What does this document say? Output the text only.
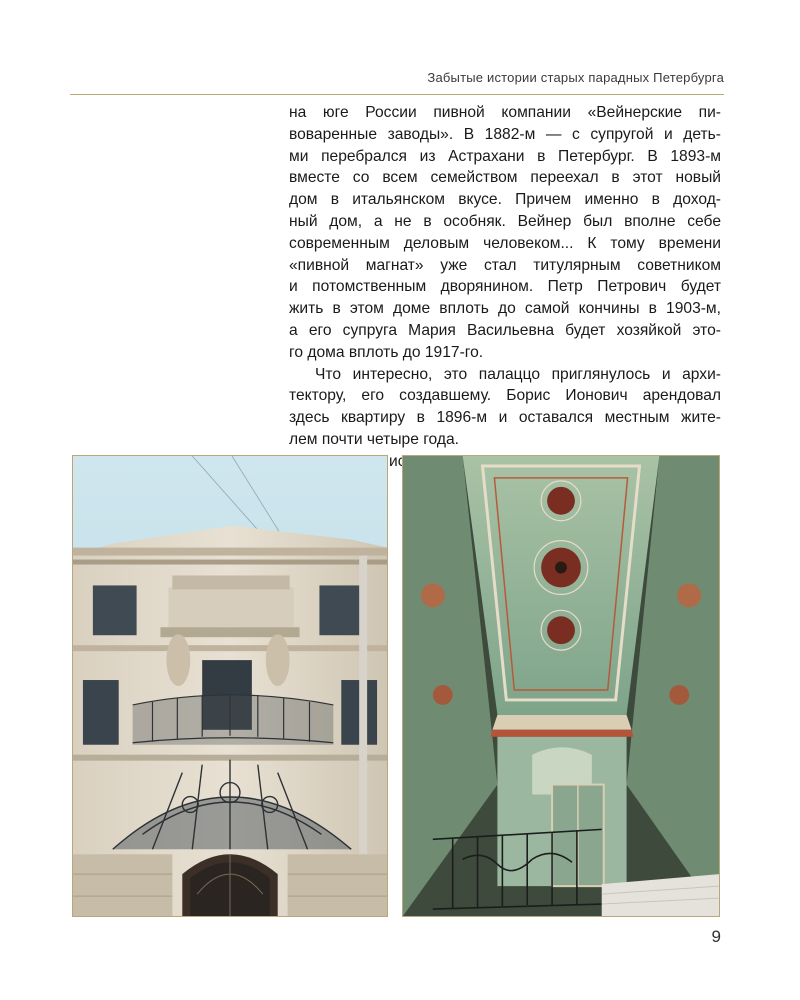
Забытые истории старых парадных Петербурга
на юге России пивной компании «Вейнерские пи-
воваренные заводы». В 1882-м — с супругой и деть-
ми перебрался из Астрахани в Петербург. В 1893-м
вместе со всем семейством переехал в этот новый
дом в итальянском вкусе. Причем именно в доход-
ный дом, а не в особняк. Вейнер был вполне себе
современным деловым человеком... К тому времени
«пивной магнат» уже стал титулярным советником
и потомственным дворянином. Петр Петрович будет
жить в этом доме вплоть до самой кончины в 1903-м,
а его супруга Мария Васильевна будет хозяйкой это-
го дома вплоть до 1917-го.
Что интересно, это палаццо приглянулось и архи-
тектору, его создавшему. Борис Ионович арендовал
здесь квартиру в 1896-м и оставался местным жите-
лем почти четыре года.
9
